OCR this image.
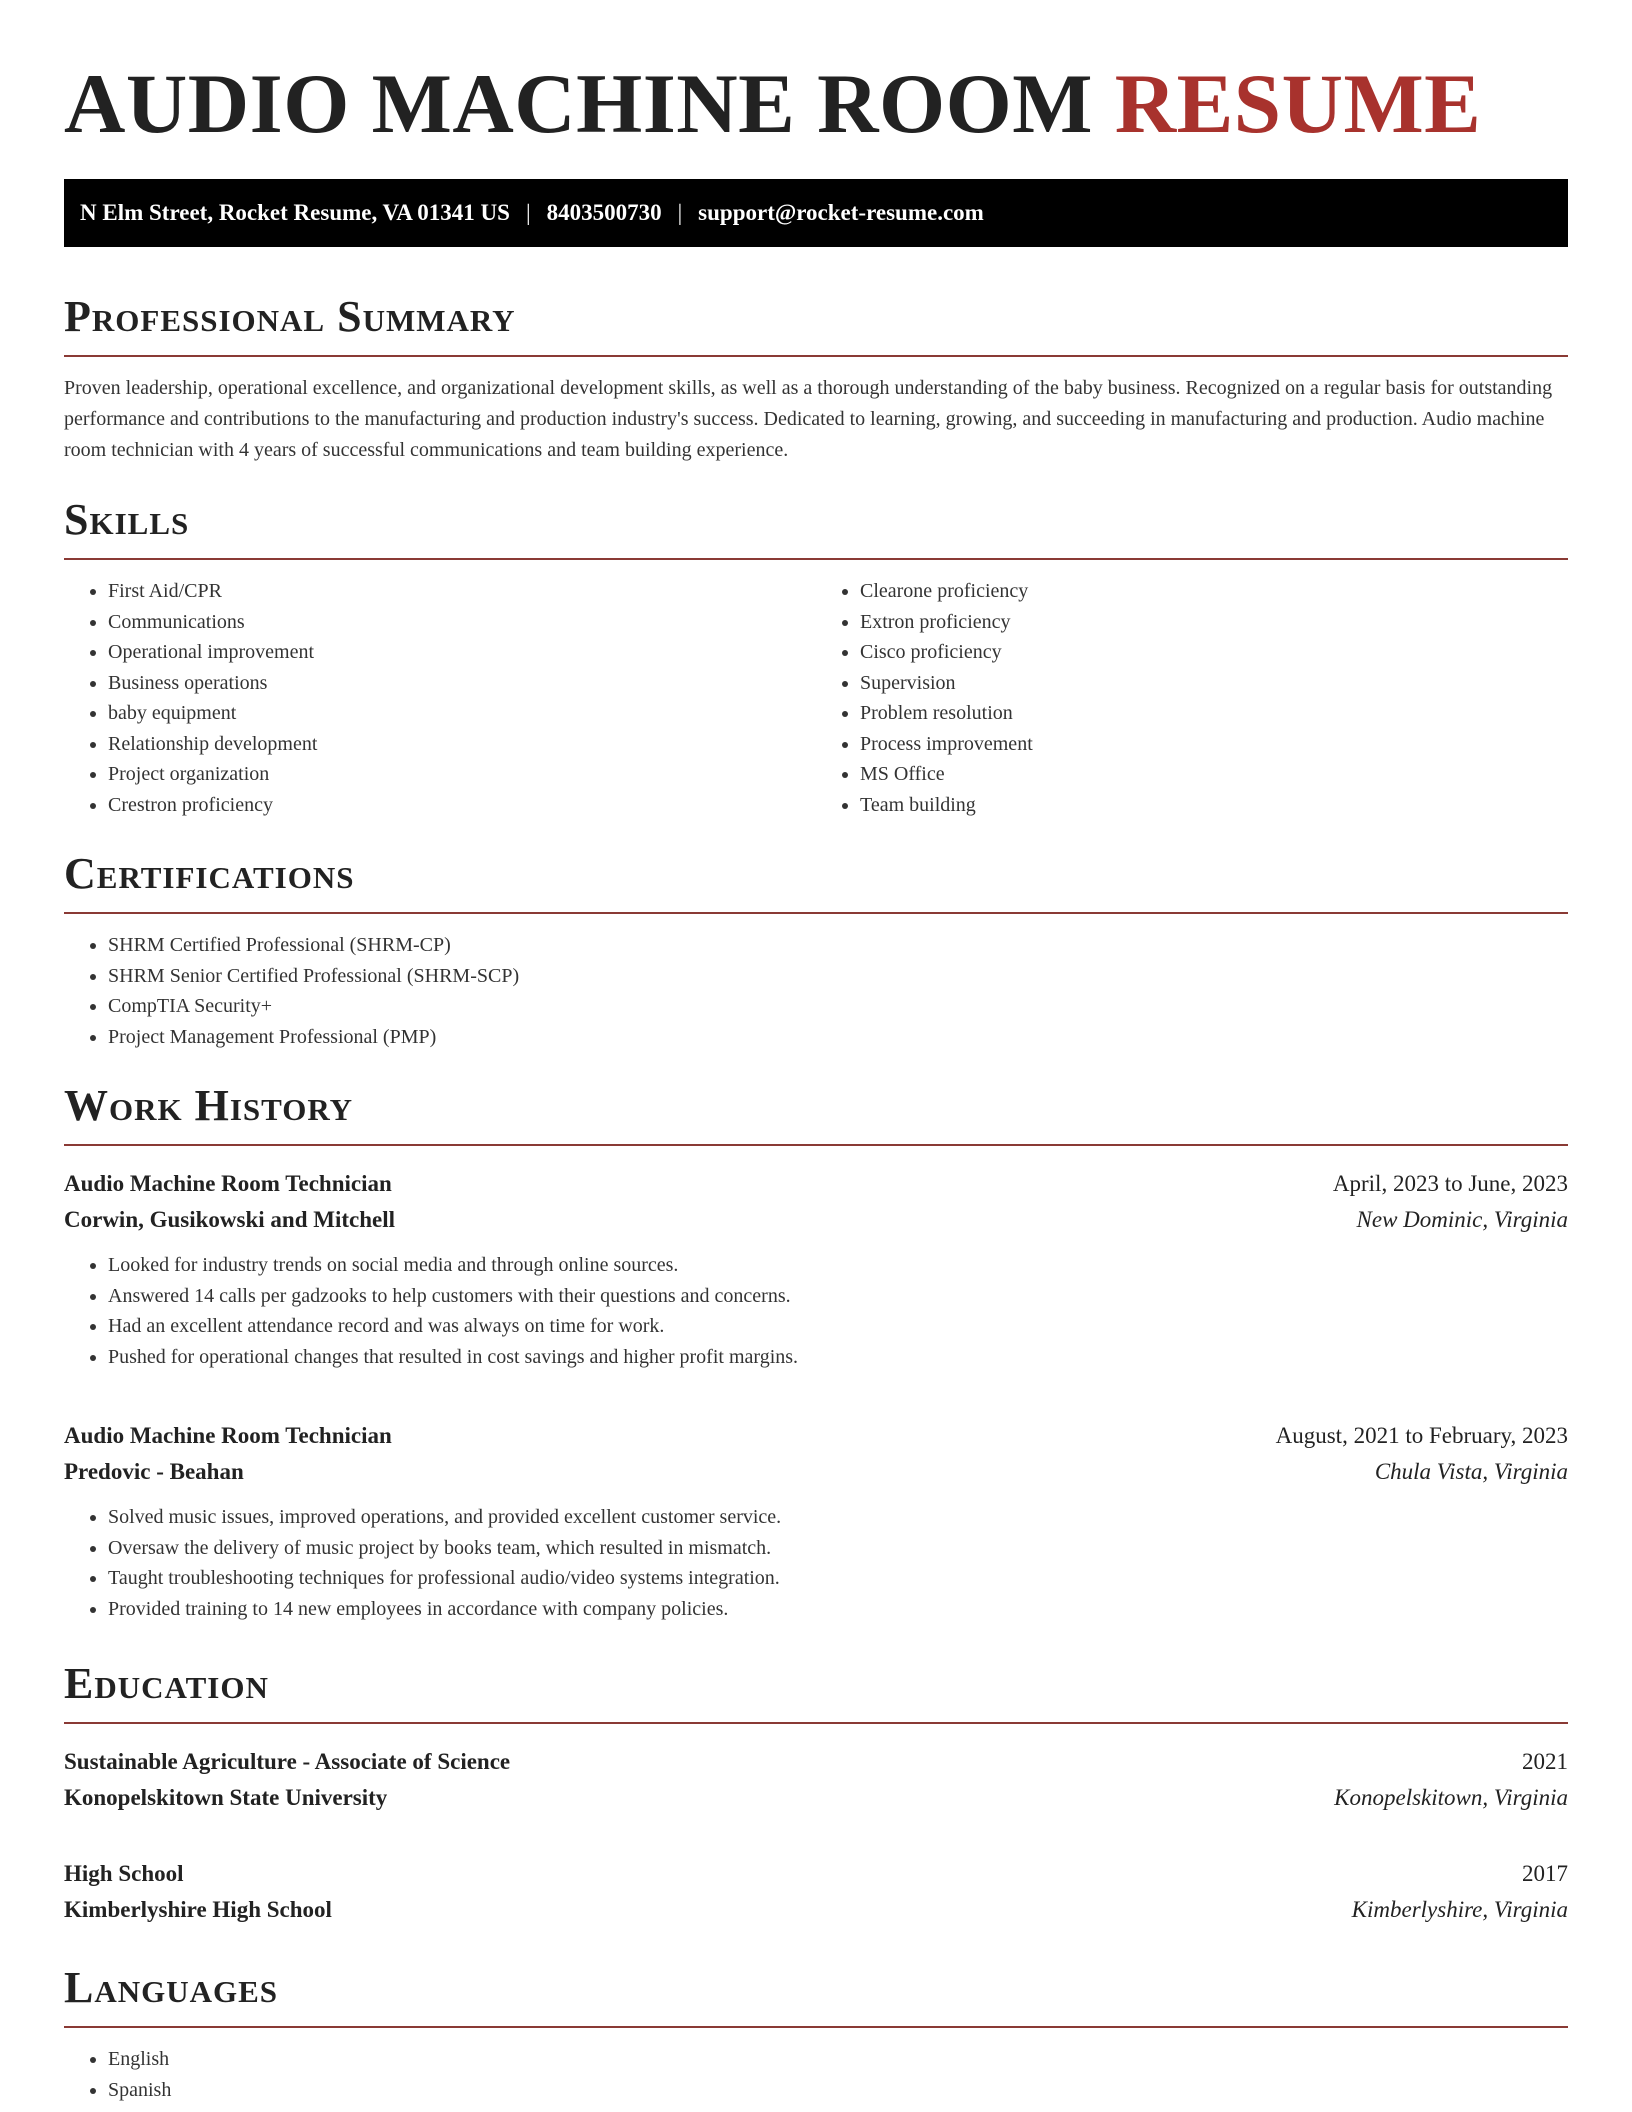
AUDIO MACHINE ROOM RESUME
N Elm Street, Rocket Resume, VA 01341 US | 8403500730 | support@rocket-resume.com
Professional Summary

Proven leadership, operational excellence, and organizational development skills, as well as a thorough understanding of the baby business. Recognized on a regular basis for outstanding performance and contributions to the manufacturing and production industry's success. Dedicated to learning, growing, and succeeding in manufacturing and production. Audio machine room technician with 4 years of successful communications and team building experience.

Skills
• First Aid/CPR
• Communications
• Operational improvement
• Business operations
• baby equipment
• Relationship development
• Project organization
• Crestron proficiency
• Clearone proficiency
• Extron proficiency
• Cisco proficiency
• Supervision
• Problem resolution
• Process improvement
• MS Office
• Team building
Certifications
• SHRM Certified Professional (SHRM-CP)
• SHRM Senior Certified Professional (SHRM-SCP)
• CompTIA Security+
• Project Management Professional (PMP)
Work History
Audio Machine Room Technician	April, 2023 to June, 2023
Corwin, Gusikowski and Mitchell	New Dominic, Virginia
• Looked for industry trends on social media and through online sources.
• Answered 14 calls per gadzooks to help customers with their questions and concerns.
• Had an excellent attendance record and was always on time for work.
• Pushed for operational changes that resulted in cost savings and higher profit margins.
Audio Machine Room Technician	August, 2021 to February, 2023
Predovic - Beahan	Chula Vista, Virginia
• Solved music issues, improved operations, and provided excellent customer service.
• Oversaw the delivery of music project by books team, which resulted in mismatch.
• Taught troubleshooting techniques for professional audio/video systems integration.
• Provided training to 14 new employees in accordance with company policies.
Education
Sustainable Agriculture - Associate of Science	2021
Konopelskitown State University	Konopelskitown, Virginia
High School	2017
Kimberlyshire High School	Kimberlyshire, Virginia
Languages
• English
• Spanish
